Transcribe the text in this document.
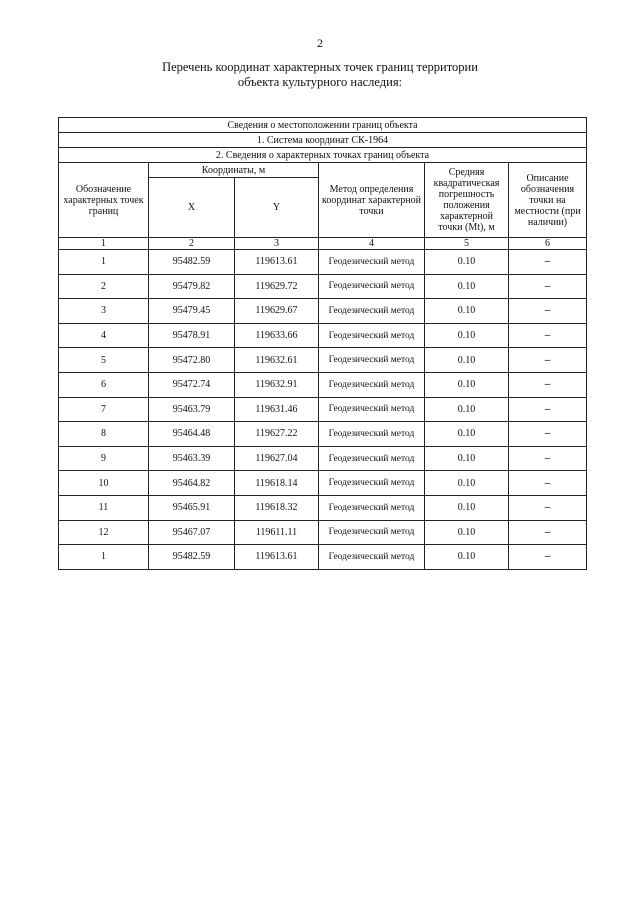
2
Перечень координат характерных точек границ территории
объекта культурного наследия:
Сведения о местоположении границ объекта					
1. Система координат СК-1964					
2. Сведения о характерных точках границ объекта					
Обозначение характерных точек границ	Координаты, м		Метод определения координат характерной точки	Средняя квадратическая погрешность положения характерной точки (Mt), м	Описание обозначения точки на местности (при наличии)
	X	Y			
1	2	3	4	5	6
1	95482.59	119613.61	Геодезический метод	0.10	–
2	95479.82	119629.72	Геодезический метод	0.10	–
3	95479.45	119629.67	Геодезический метод	0.10	–
4	95478.91	119633.66	Геодезический метод	0.10	–
5	95472.80	119632.61	Геодезический метод	0.10	–
6	95472.74	119632.91	Геодезический метод	0.10	–
7	95463.79	119631.46	Геодезический метод	0.10	–
8	95464.48	119627.22	Геодезический метод	0.10	–
9	95463.39	119627.04	Геодезический метод	0.10	–
10	95464.82	119618.14	Геодезический метод	0.10	–
11	95465.91	119618.32	Геодезический метод	0.10	–
12	95467.07	119611.11	Геодезический метод	0.10	–
1	95482.59	119613.61	Геодезический метод	0.10	–
